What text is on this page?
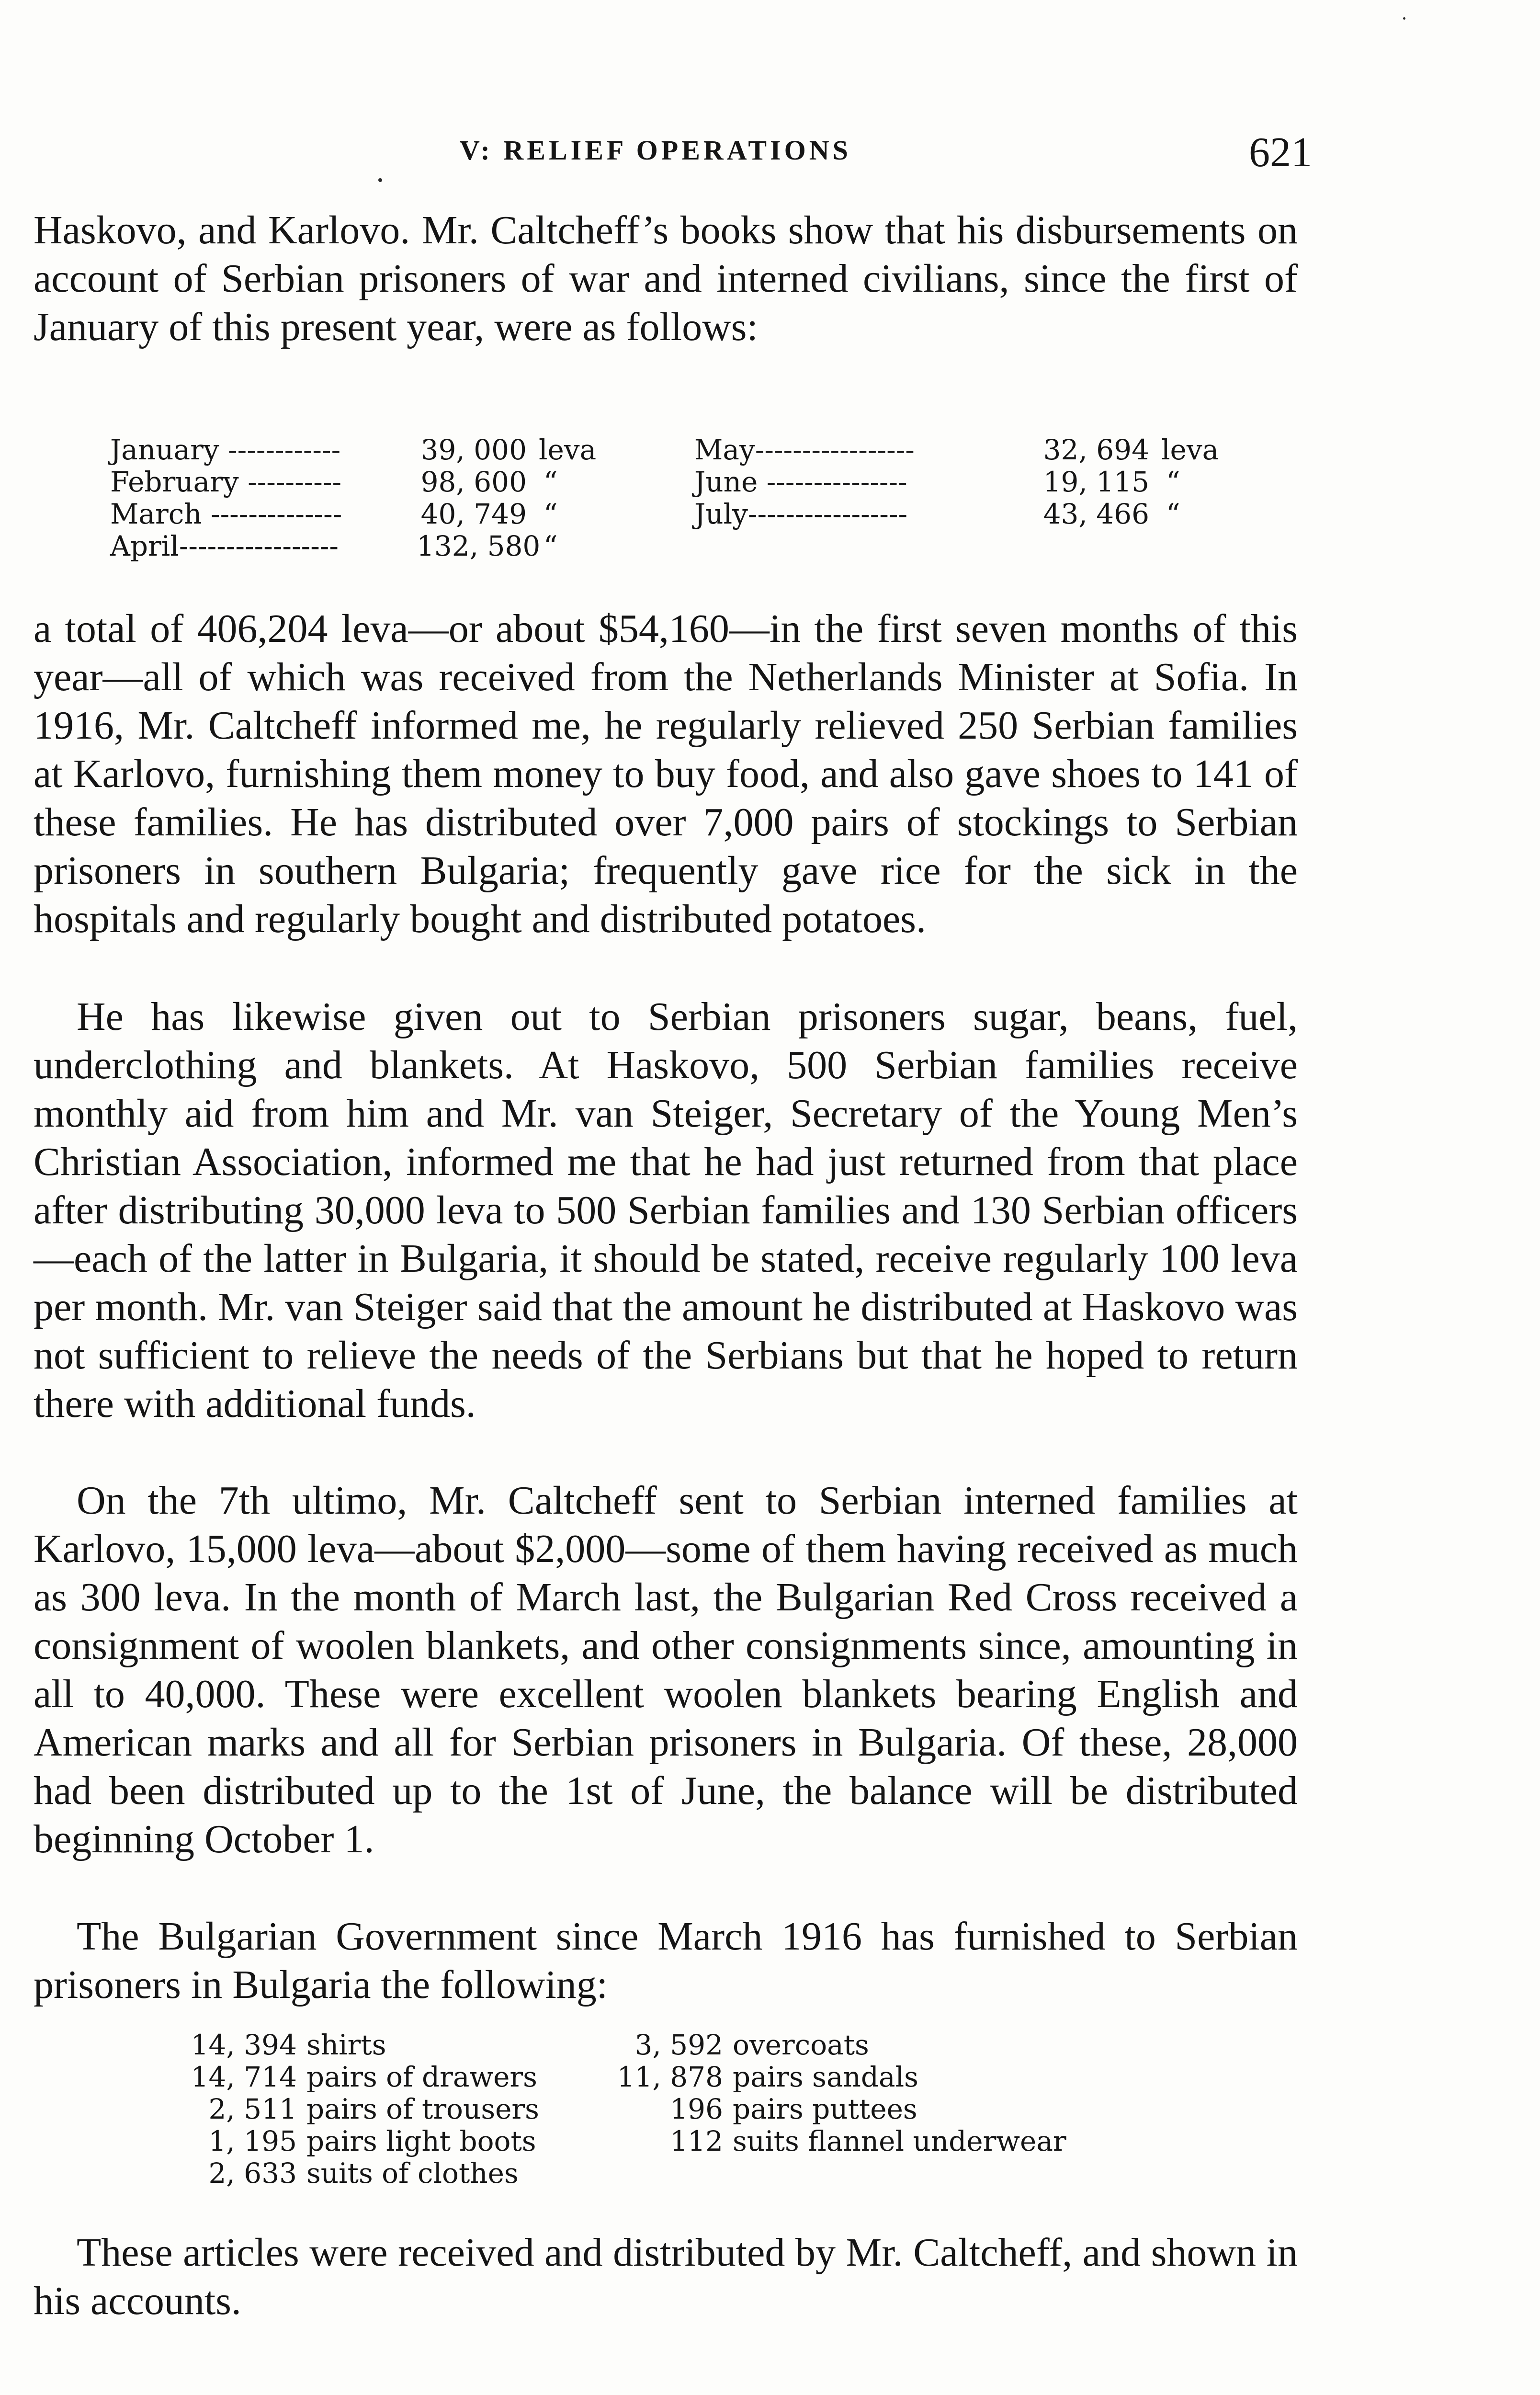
V: RELIEF OPERATIONS	621

Haskovo, and Karlovo. Mr. Caltcheff’s books show that his disbursements on account of Serbian prisoners of war and interned civilians, since the first of January of this present year, were as follows:

January ------------	39, 000 leva
February ----------	98, 600 “
March --------------	40, 749 “
April-----------------	132, 580 “
May-----------------	32, 694 leva
June ---------------	19, 115 “
July-----------------	43, 466 “

a total of 406,204 leva—or about $54,160—in the first seven months of this year—all of which was received from the Netherlands Minister at Sofia. In 1916, Mr. Caltcheff informed me, he regularly relieved 250 Serbian families at Karlovo, furnishing them money to buy food, and also gave shoes to 141 of these families. He has distributed over 7,000 pairs of stockings to Serbian prisoners in southern Bulgaria; frequently gave rice for the sick in the hospitals and regularly bought and distributed potatoes.

He has likewise given out to Serbian prisoners sugar, beans, fuel, underclothing and blankets. At Haskovo, 500 Serbian families receive monthly aid from him and Mr. van Steiger, Secretary of the Young Men’s Christian Association, informed me that he had just returned from that place after distributing 30,000 leva to 500 Serbian families and 130 Serbian officers—each of the latter in Bulgaria, it should be stated, receive regularly 100 leva per month. Mr. van Steiger said that the amount he distributed at Haskovo was not sufficient to relieve the needs of the Serbians but that he hoped to return there with additional funds.

On the 7th ultimo, Mr. Caltcheff sent to Serbian interned families at Karlovo, 15,000 leva—about $2,000—some of them having received as much as 300 leva. In the month of March last, the Bulgarian Red Cross received a consignment of woolen blankets, and other consignments since, amounting in all to 40,000. These were excellent woolen blankets bearing English and American marks and all for Serbian prisoners in Bulgaria. Of these, 28,000 had been distributed up to the 1st of June, the balance will be distributed beginning October 1.

The Bulgarian Government since March 1916 has furnished to Serbian prisoners in Bulgaria the following:

14, 394 shirts
14, 714 pairs of drawers
2, 511 pairs of trousers
1, 195 pairs light boots
2, 633 suits of clothes
3, 592 overcoats
11, 878 pairs sandals
196 pairs puttees
112 suits flannel underwear

These articles were received and distributed by Mr. Caltcheff, and shown in his accounts.
